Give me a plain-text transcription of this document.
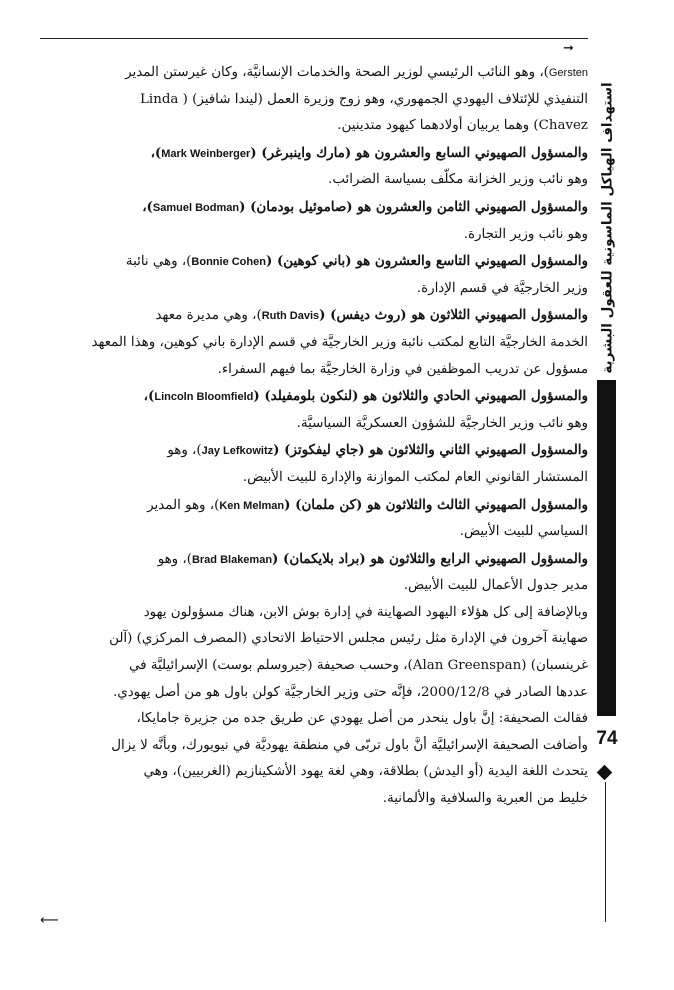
➞

Gersten)، وهو النائب الرئيسي لوزير الصحة والخدمات الإنسانيَّة، وكان غيرستن المدير

التنفيذي للإئتلاف اليهودي الجمهوري، وهو زوج وزيرة العمل (ليندا شافيز) ( Linda

Chavez) وهما يربيان أولادهما كيهود متدينين.

والمسؤول الصهيوني السابع والعشرون هو (مارك واينبرغر) (Mark Weinberger)،

وهو نائب وزير الخزانة مكلّف بسياسة الضرائب.

والمسؤول الصهيوني الثامن والعشرون هو (صاموئيل بودمان) (Samuel Bodman)،

وهو نائب وزير التجارة.

والمسؤول الصهيوني التاسع والعشرون هو (باني كوهين) (Bonnie Cohen)، وهي نائبة

وزير الخارجيَّة في قسم الإدارة.

والمسؤول الصهيوني الثلاثون هو (روث ديفس) (Ruth Davis)، وهي مديرة معهد

الخدمة الخارجيَّة التابع لمكتب نائبة وزير الخارجيَّة في قسم الإدارة باني كوهين، وهذا المعهد

مسؤول عن تدريب الموظفين في وزارة الخارجيَّة بما فيهم السفراء.

والمسؤول الصهيوني الحادي والثلاثون هو (لنكون بلومفيلد) (Lincoln Bloomfield)،

وهو نائب وزير الخارجيَّة للشؤون العسكريَّة السياسيَّة.

والمسؤول الصهيوني الثاني والثلاثون هو (جاي ليفكوتز) (Jay Lefkowitz)، وهو

المستشار القانوني العام لمكتب الموازنة والإدارة للبيت الأبيض.

والمسؤول الصهيوني الثالث والثلاثون هو (كن ملمان) (Ken Melman)، وهو المدير

السياسي للبيت الأبيض.

والمسؤول الصهيوني الرابع والثلاثون هو (براد بلايكمان) (Brad Blakeman)، وهو

مدير جدول الأعمال للبيت الأبيض.

وبالإضافة إلى كل هؤلاء اليهود الصهاينة في إدارة بوش الابن، هناك مسؤولون يهود

صهاينة آخرون في الإدارة مثل رئيس مجلس الاحتياط الاتحادي (المصرف المركزي) (آلن

غرينسبان) (Alan Greenspan)، وحسب صحيفة (جيروسلم بوست) الإسرائيليَّة في

عددها الصادر في 2000/12/8، فإنَّه حتى وزير الخارجيَّة كولن باول هو من أصل يهودي.

فقالت الصحيفة: إنَّ باول ينحدر من أصل يهودي عن طريق جده من جزيرة جامايكا،

وأضافت الصحيفة الإسرائيليَّة أنَّ باول تربّى في منطقة يهوديَّة في نيويورك، وبأنَّه لا يزال

يتحدث اللغة اليدية (أو اليدش) بطلاقة، وهي لغة يهود الأشكينازيم (الغربيين)، وهي

خليط من العبرية والسلافية والألمانية.

⟵
استهداف الهياكل الماسونية للعقول البشرية
74
